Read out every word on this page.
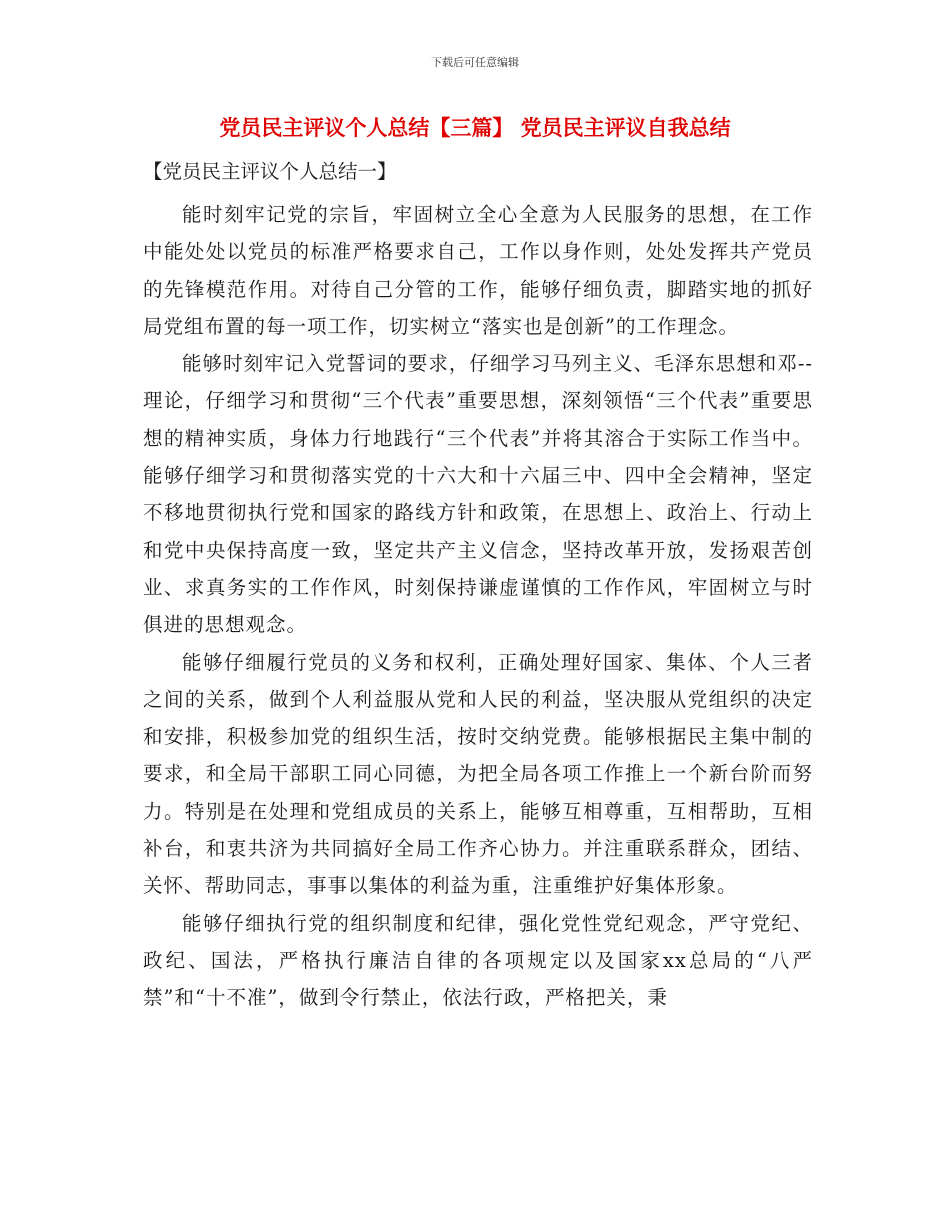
下载后可任意编辑
党员民主评议个人总结【三篇】 党员民主评议自我总结
【党员民主评议个人总结一】

能时刻牢记党的宗旨，牢固树立全心全意为人民服务的思想，在工作中能处处以党员的标准严格要求自己，工作以身作则，处处发挥共产党员的先锋模范作用。对待自己分管的工作，能够仔细负责，脚踏实地的抓好局党组布置的每一项工作，切实树立“落实也是创新”的工作理念。

能够时刻牢记入党誓词的要求，仔细学习马列主义、毛泽东思想和邓--理论，仔细学习和贯彻“三个代表”重要思想，深刻领悟“三个代表”重要思想的精神实质，身体力行地践行“三个代表”并将其溶合于实际工作当中。能够仔细学习和贯彻落实党的十六大和十六届三中、四中全会精神，坚定不移地贯彻执行党和国家的路线方针和政策，在思想上、政治上、行动上和党中央保持高度一致，坚定共产主义信念，坚持改革开放，发扬艰苦创业、求真务实的工作作风，时刻保持谦虚谨慎的工作作风，牢固树立与时俱进的思想观念。

能够仔细履行党员的义务和权利，正确处理好国家、集体、个人三者之间的关系，做到个人利益服从党和人民的利益，坚决服从党组织的决定和安排，积极参加党的组织生活，按时交纳党费。能够根据民主集中制的要求，和全局干部职工同心同德，为把全局各项工作推上一个新台阶而努力。特别是在处理和党组成员的关系上，能够互相尊重，互相帮助，互相补台，和衷共济为共同搞好全局工作齐心协力。并注重联系群众，团结、关怀、帮助同志，事事以集体的利益为重，注重维护好集体形象。

能够仔细执行党的组织制度和纪律，强化党性党纪观念，严守党纪、政纪、国法，严格执行廉洁自律的各项规定以及国家xx总局的“八严禁”和“十不准”，做到令行禁止，依法行政，严格把关，秉
